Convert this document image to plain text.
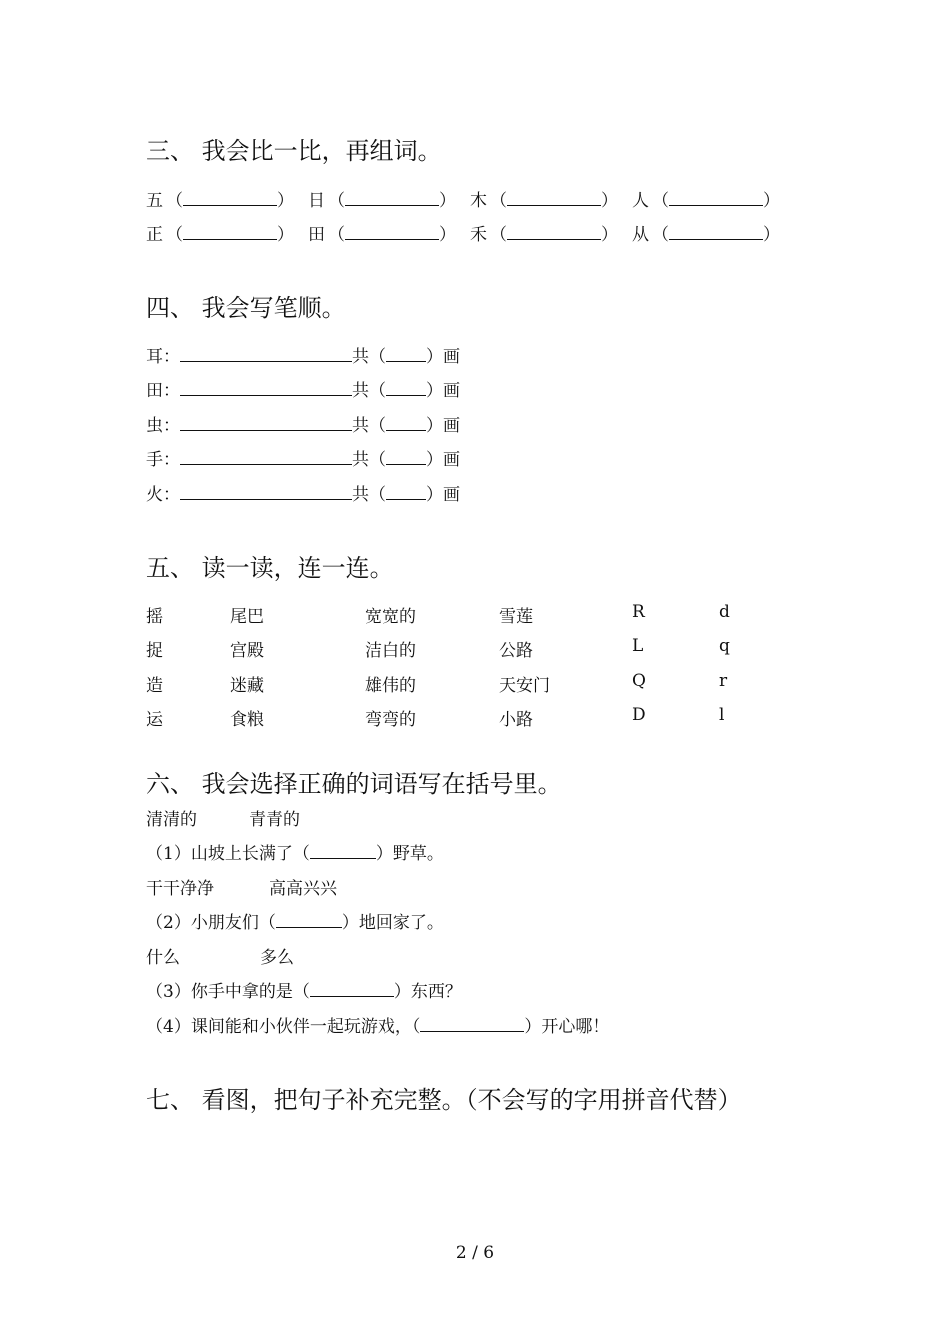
三、 我会比一比，再组词。
五 （	） 日 （	） 木 （	） 人 （	）
正 （	） 田 （	） 禾 （	） 从 （	）
四、 我会写笔顺。
耳：	共（ ）画
田：	共（ ）画
虫：	共（ ）画
手：	共（ ）画
火：	共（ ）画
五、 读一读，连一连。
摇	尾巴	宽宽的	雪莲	R	d
捉	宫殿	洁白的	公路	L	q
造	迷藏	雄伟的	天安门	Q	r
运	食粮	弯弯的	小路	D	l
六、 我会选择正确的词语写在括号里。
清清的	青青的
（1）山坡上长满了（	）野草。
干干净净	高高兴兴
（2）小朋友们（	）地回家了。
什么	多么
（3）你手中拿的是（	）东西？
（4）课间能和小伙伴一起玩游戏，（	）开心哪！
七、 看图，把句子补充完整。（不会写的字用拼音代替）
2 / 6
